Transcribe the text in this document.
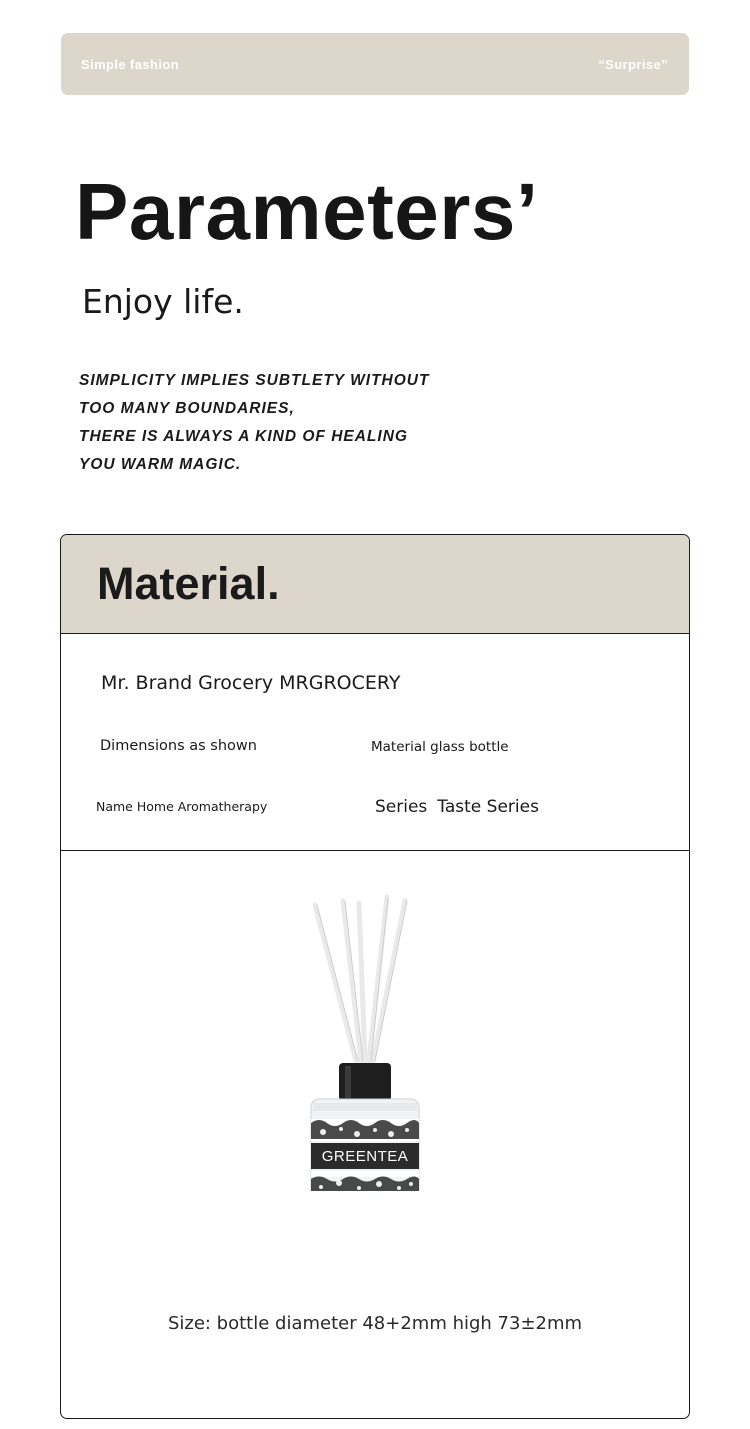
Simple fashion	“Surprise”
Parameters’
Enjoy life.
SIMPLICITY IMPLIES SUBTLETY WITHOUT
TOO MANY BOUNDARIES,
THERE IS ALWAYS A KIND OF HEALING
YOU WARM MAGIC.
Material.
Mr. Brand Grocery MRGROCERY
Dimensions as shown	Material glass bottle
Name Home Aromatherapy	Series Taste Series
GREENTEA
Size: bottle diameter 48+2mm high 73±2mm
